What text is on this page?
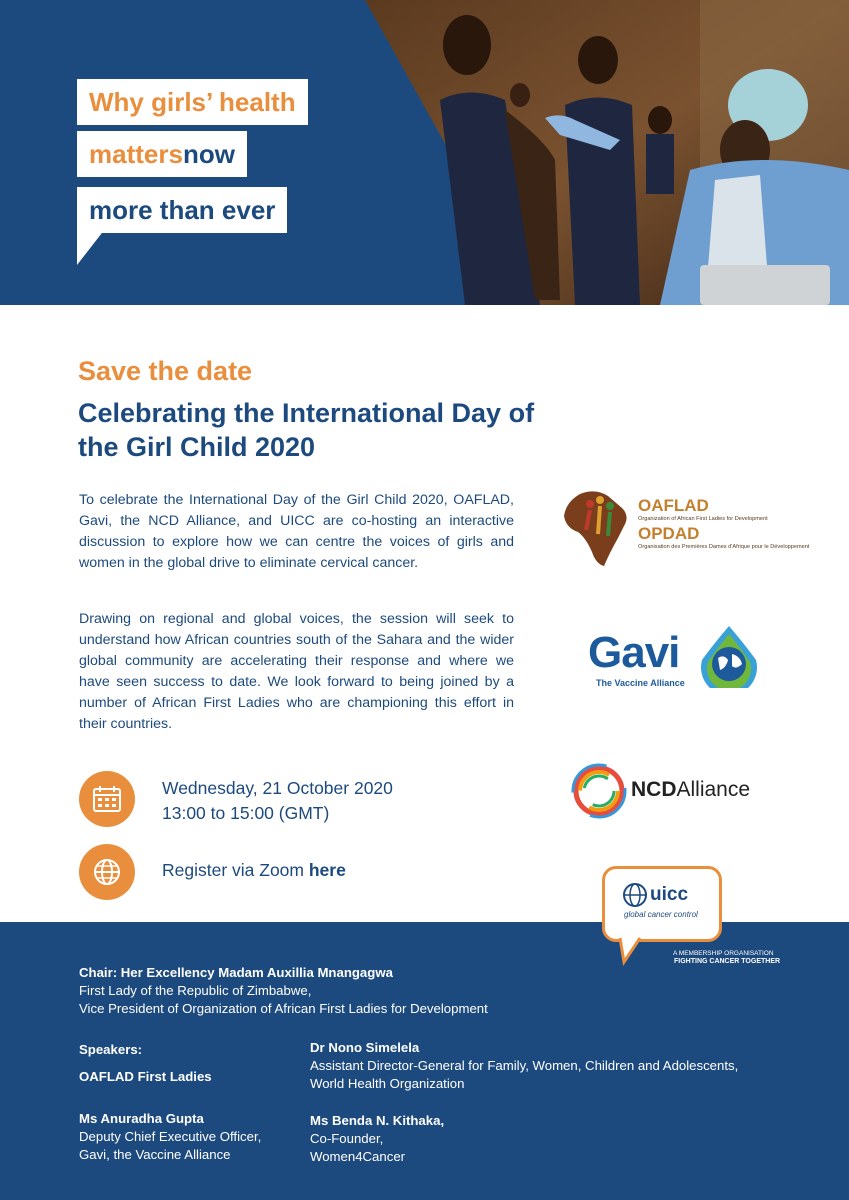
Why girls’ health
matters now
more than ever
Save the date
Celebrating the International Day of the Girl Child 2020

To celebrate the International Day of the Girl Child 2020, OAFLAD, Gavi, the NCD Alliance, and UICC are co-hosting an interactive discussion to explore how we can centre the voices of girls and women in the global drive to eliminate cervical cancer.

Drawing on regional and global voices, the session will seek to understand how African countries south of the Sahara and the wider global community are accelerating their response and where we have seen success to date. We look forward to being joined by a number of African First Ladies who are championing this effort in their countries.

Wednesday, 21 October 2020
13:00 to 15:00 (GMT)
Register via Zoom here
OAFLAD
Organization of African First Ladies for Development
OPDAD
Organisation des Premières Dames d'Afrique pour le Développement
Gavi
The Vaccine Alliance
NCDAlliance
uicc
global cancer control
A MEMBERSHIP ORGANISATION
FIGHTING CANCER TOGETHER
Chair: Her Excellency Madam Auxillia Mnangagwa
First Lady of the Republic of Zimbabwe,
Vice President of Organization of African First Ladies for Development
Speakers:
OAFLAD First Ladies
Ms Anuradha Gupta
Deputy Chief Executive Officer,
Gavi, the Vaccine Alliance
Dr Nono Simelela
Assistant Director-General for Family, Women, Children and Adolescents,
World Health Organization
Ms Benda N. Kithaka,
Co-Founder,
Women4Cancer
